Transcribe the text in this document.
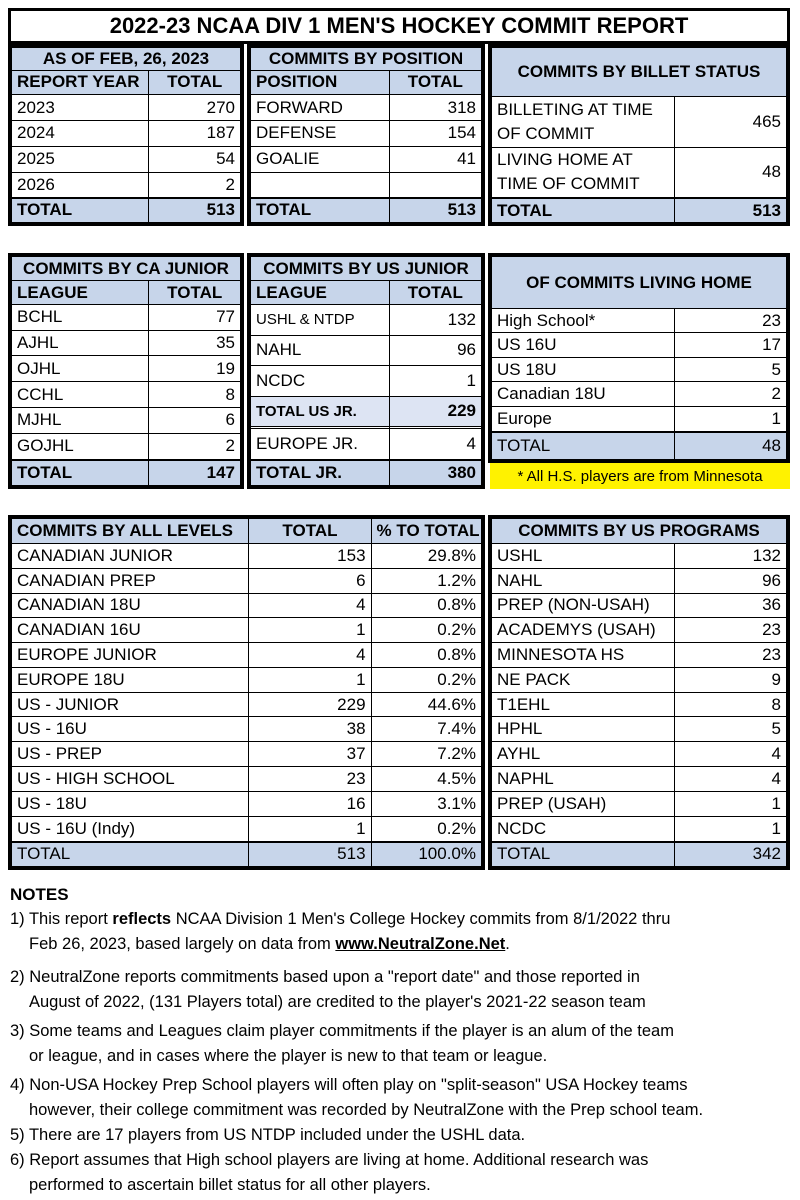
2022-23 NCAA DIV 1 MEN'S HOCKEY COMMIT REPORT
AS OF FEB, 26, 2023	
REPORT YEAR	TOTAL
2023	270
2024	187
2025	54
2026	2
TOTAL	513
COMMITS BY POSITION	
POSITION	TOTAL
FORWARD	318
DEFENSE	154
GOALIE	41

TOTAL	513
COMMITS BY BILLET STATUS	

BILLETING AT TIME
OF COMMIT	465

LIVING HOME AT
TIME OF COMMIT	48
TOTAL	513
COMMITS BY CA JUNIOR	
LEAGUE	TOTAL
BCHL	77
AJHL	35
OJHL	19
CCHL	8
MJHL	6
GOJHL	2
TOTAL	147
COMMITS BY US JUNIOR	
LEAGUE	TOTAL
USHL & NTDP	132
NAHL	96
NCDC	1
TOTAL US JR.	229

EUROPE JR.	4
TOTAL JR.	380
OF COMMITS LIVING HOME	
High School*	23
US 16U	17
US 18U	5
Canadian 18U	2
Europe	1
TOTAL	48
* All H.S. players are from Minnesota
COMMITS BY ALL LEVELS	TOTAL	% TO TOTAL
CANADIAN JUNIOR	153	29.8%
CANADIAN PREP	6	1.2%
CANADIAN 18U	4	0.8%
CANADIAN 16U	1	0.2%
EUROPE JUNIOR	4	0.8%
EUROPE 18U	1	0.2%
US - JUNIOR	229	44.6%
US - 16U	38	7.4%
US - PREP	37	7.2%
US - HIGH SCHOOL	23	4.5%
US - 18U	16	3.1%
US - 16U (Indy)	1	0.2%
TOTAL	513	100.0%
COMMITS BY US PROGRAMS	
USHL	132
NAHL	96
PREP (NON-USAH)	36
ACADEMYS (USAH)	23
MINNESOTA HS	23
NE PACK	9
T1EHL	8
HPHL	5
AYHL	4
NAPHL	4
PREP (USAH)	1
NCDC	1
TOTAL	342
NOTES
1) This report reflects NCAA Division 1 Men's College Hockey commits from 8/1/2022 thru
Feb 26, 2023, based largely on data from www.NeutralZone.Net.
2) NeutralZone reports commitments based upon a "report date" and those reported in
August of 2022, (131 Players total) are credited to the player's 2021-22 season team
3) Some teams and Leagues claim player commitments if the player is an alum of the team
or league, and in cases where the player is new to that team or league.
4) Non-USA Hockey Prep School players will often play on "split-season" USA Hockey teams
however, their college commitment was recorded by NeutralZone with the Prep school team.
5) There are 17 players from US NTDP included under the USHL data.
6) Report assumes that High school players are living at home. Additional research was
performed to ascertain billet status for all other players.
